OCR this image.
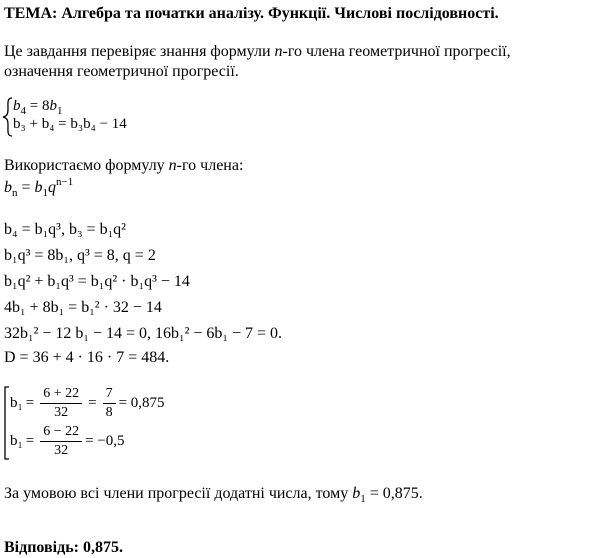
ТЕМА: Алгебра та початки аналізу. Функції. Числові послідовності.
Це завдання перевіряє знання формули n-го члена геометричної прогресії,
означення геометричної прогресії.
$b_4 = 8b_1$
b₃ + b₄ = b₃b₄ − 14
Використаємо формулу n-го члена:
$b_n = b_1q^{n-1}$
b₄ = b₁q³, b₃ = b₁q²
b₁q³ = 8b₁, q³ = 8, q = 2
b₁q² + b₁q³ = b₁q² · b₁q³ − 14
4b₁ + 8b₁ = b₁² · 32 − 14
32b₁² − 12 b₁ − 14 = 0, 16b₁² − 6b₁ − 7 = 0.
D = 36 + 4 · 16 · 7 = 484.
$b_1 = \frac{6 + 22}{32} = \frac{7}{8} = 0,875$
$b_1 = \frac{6 - 22}{32} = -0,5$
За умовою всі члени прогресії додатні числа, тому $b_1 = 0,875$.
Відповідь: 0,875.
